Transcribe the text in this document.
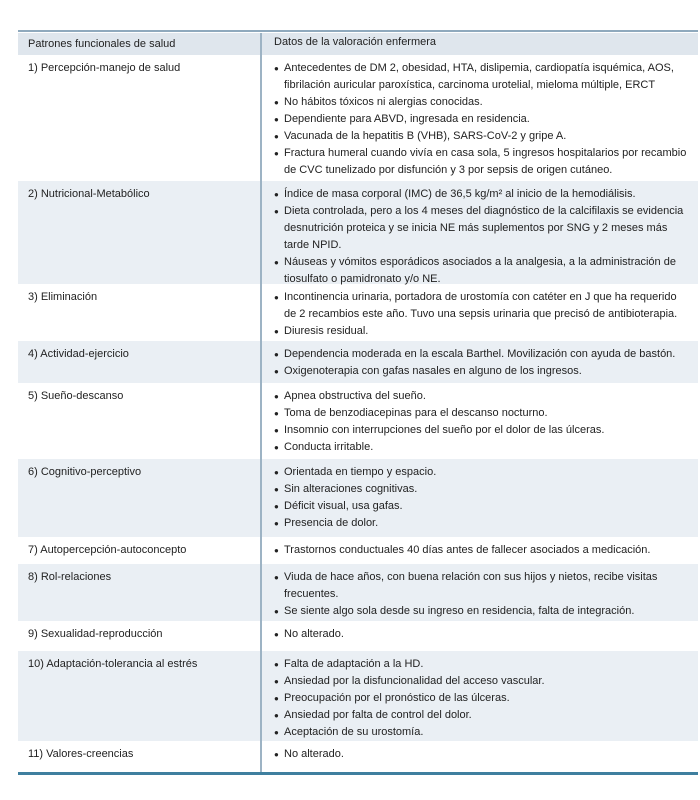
Patrones funcionales de salud	Datos de la valoración enfermera
1) Percepción-manejo de salud	● Antecedentes de DM 2, obesidad, HTA, dislipemia, cardiopatía isquémica, AOS, fibrilación auricular paroxística, carcinoma urotelial, mieloma múltiple, ERCT
● No hábitos tóxicos ni alergias conocidas.
● Dependiente para ABVD, ingresada en residencia.
● Vacunada de la hepatitis B (VHB), SARS-CoV-2 y gripe A.
● Fractura humeral cuando vivía en casa sola, 5 ingresos hospitalarios por recambio de CVC tunelizado por disfunción y 3 por sepsis de origen cutáneo.
2) Nutricional-Metabólico	● Índice de masa corporal (IMC) de 36,5 kg/m² al inicio de la hemodiálisis.
● Dieta controlada, pero a los 4 meses del diagnóstico de la calcifilaxis se evidencia desnutrición proteica y se inicia NE más suplementos por SNG y 2 meses más tarde NPID.
● Náuseas y vómitos esporádicos asociados a la analgesia, a la administración de tiosulfato o pamidronato y/o NE.
3) Eliminación	● Incontinencia urinaria, portadora de urostomía con catéter en J que ha requerido de 2 recambios este año. Tuvo una sepsis urinaria que precisó de antibioterapia.
● Diuresis residual.
4) Actividad-ejercicio	● Dependencia moderada en la escala Barthel. Movilización con ayuda de bastón.
● Oxigenoterapia con gafas nasales en alguno de los ingresos.
5) Sueño-descanso	● Apnea obstructiva del sueño.
● Toma de benzodiacepinas para el descanso nocturno.
● Insomnio con interrupciones del sueño por el dolor de las úlceras.
● Conducta irritable.
6) Cognitivo-perceptivo	● Orientada en tiempo y espacio.
● Sin alteraciones cognitivas.
● Déficit visual, usa gafas.
● Presencia de dolor.
7) Autopercepción-autoconcepto	● Trastornos conductuales 40 días antes de fallecer asociados a medicación.
8) Rol-relaciones	● Viuda de hace años, con buena relación con sus hijos y nietos, recibe visitas frecuentes.
● Se siente algo sola desde su ingreso en residencia, falta de integración.
9) Sexualidad-reproducción	● No alterado.
10) Adaptación-tolerancia al estrés	● Falta de adaptación a la HD.
● Ansiedad por la disfuncionalidad del acceso vascular.
● Preocupación por el pronóstico de las úlceras.
● Ansiedad por falta de control del dolor.
● Aceptación de su urostomía.
11) Valores-creencias	● No alterado.
